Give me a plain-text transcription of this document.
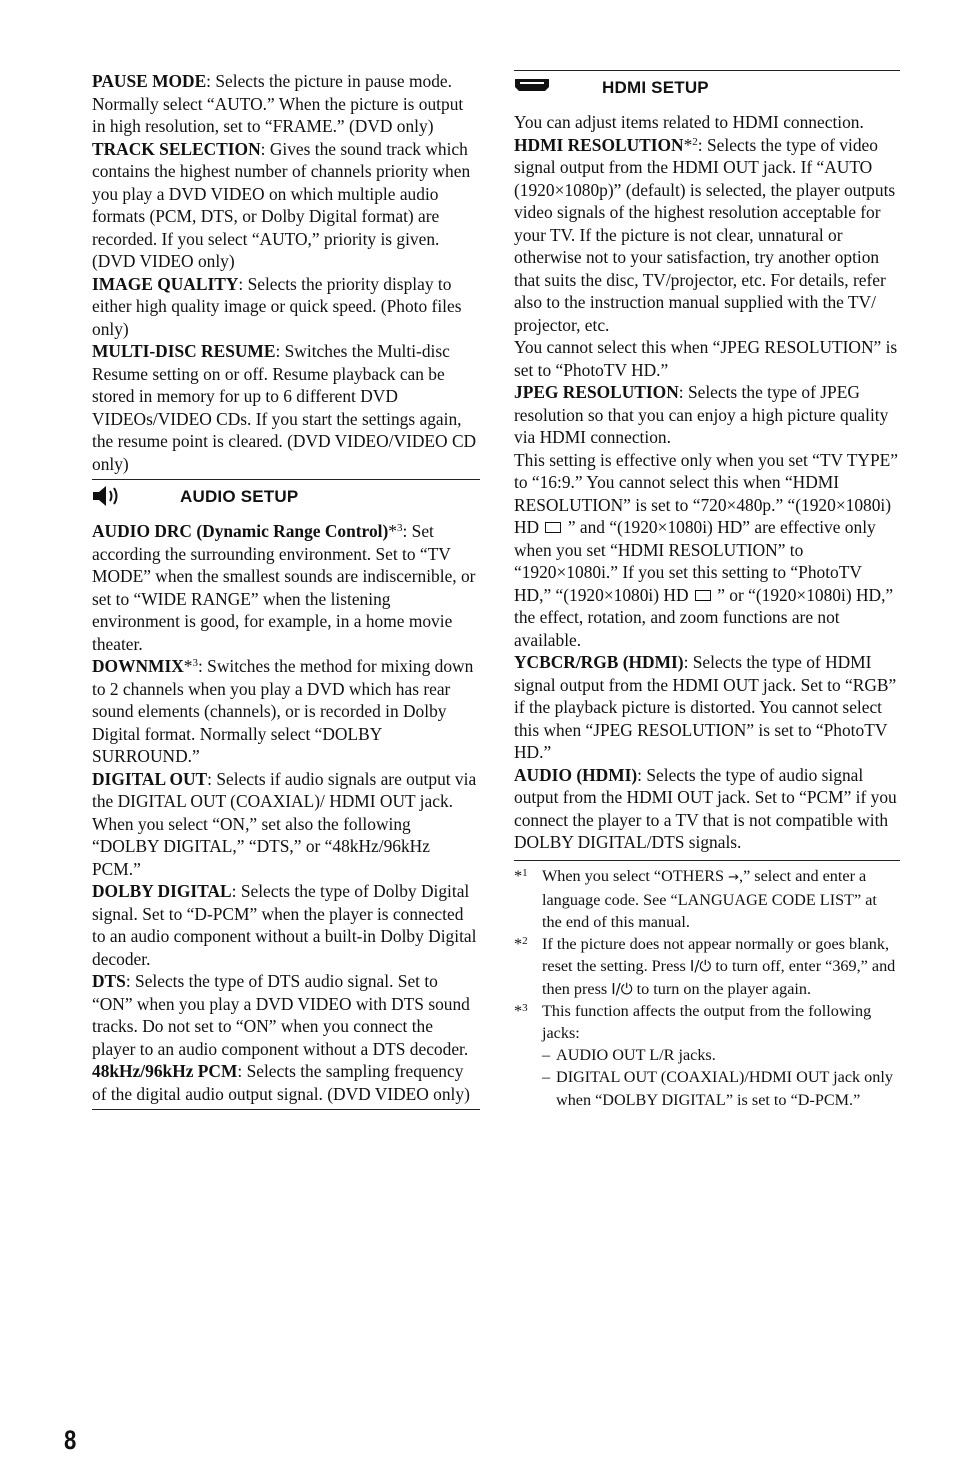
PAUSE MODE: Selects the picture in pause mode. Normally select “AUTO.” When the picture is output in high resolution, set to “FRAME.” (DVD only)

TRACK SELECTION: Gives the sound track which contains the highest number of channels priority when you play a DVD VIDEO on which multiple audio formats (PCM, DTS, or Dolby Digital format) are recorded. If you select “AUTO,” priority is given. (DVD VIDEO only)

IMAGE QUALITY: Selects the priority display to either high quality image or quick speed. (Photo files only)

MULTI-DISC RESUME: Switches the Multi-disc Resume setting on or off. Resume playback can be stored in memory for up to 6 different DVD VIDEOs/VIDEO CDs. If you start the settings again, the resume point is cleared. (DVD VIDEO/VIDEO CD only)

AUDIO SETUP

AUDIO DRC (Dynamic Range Control)*$^3$: Set according the surrounding environment. Set to “TV MODE” when the smallest sounds are indiscernible, or set to “WIDE RANGE” when the listening environment is good, for example, in a home movie theater.

DOWNMIX*$^3$: Switches the method for mixing down to 2 channels when you play a DVD which has rear sound elements (channels), or is recorded in Dolby Digital format. Normally select “DOLBY SURROUND.”

DIGITAL OUT: Selects if audio signals are output via the DIGITAL OUT (COAXIAL)/ HDMI OUT jack. When you select “ON,” set also the following “DOLBY DIGITAL,” “DTS,” or “48kHz/96kHz PCM.”

DOLBY DIGITAL: Selects the type of Dolby Digital signal. Set to “D-PCM” when the player is connected to an audio component without a built-in Dolby Digital decoder.

DTS: Selects the type of DTS audio signal. Set to “ON” when you play a DVD VIDEO with DTS sound tracks. Do not set to “ON” when you connect the player to an audio component without a DTS decoder.

48kHz/96kHz PCM: Selects the sampling frequency of the digital audio output signal. (DVD VIDEO only)

HDMI SETUP

You can adjust items related to HDMI connection.

HDMI RESOLUTION*$^2$: Selects the type of video signal output from the HDMI OUT jack. If “AUTO (1920×1080p)” (default) is selected, the player outputs video signals of the highest resolution acceptable for your TV. If the picture is not clear, unnatural or otherwise not to your satisfaction, try another option that suits the disc, TV/projector, etc. For details, refer also to the instruction manual supplied with the TV/ projector, etc.

You cannot select this when “JPEG RESOLUTION” is set to “PhotoTV HD.”

JPEG RESOLUTION: Selects the type of JPEG resolution so that you can enjoy a high picture quality via HDMI connection.

This setting is effective only when you set “TV TYPE” to “16:9.” You cannot select this when “HDMI RESOLUTION” is set to “720×480p.” “(1920×1080i) HD  ” and “(1920×1080i) HD” are effective only when you set “HDMI RESOLUTION” to “1920×1080i.” If you set this setting to “PhotoTV HD,” “(1920×1080i) HD  ” or “(1920×1080i) HD,” the effect, rotation, and zoom functions are not available.

YCBCR/RGB (HDMI): Selects the type of HDMI signal output from the HDMI OUT jack. Set to “RGB” if the playback picture is distorted. You cannot select this when “JPEG RESOLUTION” is set to “PhotoTV HD.”

AUDIO (HDMI): Selects the type of audio signal output from the HDMI OUT jack. Set to “PCM” if you connect the player to a TV that is not compatible with DOLBY DIGITAL/DTS signals.

*$^1$ When you select “OTHERS →,” select and enter a language code. See “LANGUAGE CODE LIST” at the end of this manual.
*$^2$ If the picture does not appear normally or goes blank, reset the setting. Press I/⏻ to turn off, enter “369,” and then press I/⏻ to turn on the player again.
*$^3$ This function affects the output from the following jacks:
– AUDIO OUT L/R jacks.
– DIGITAL OUT (COAXIAL)/HDMI OUT jack only when “DOLBY DIGITAL” is set to “D-PCM.”
8
